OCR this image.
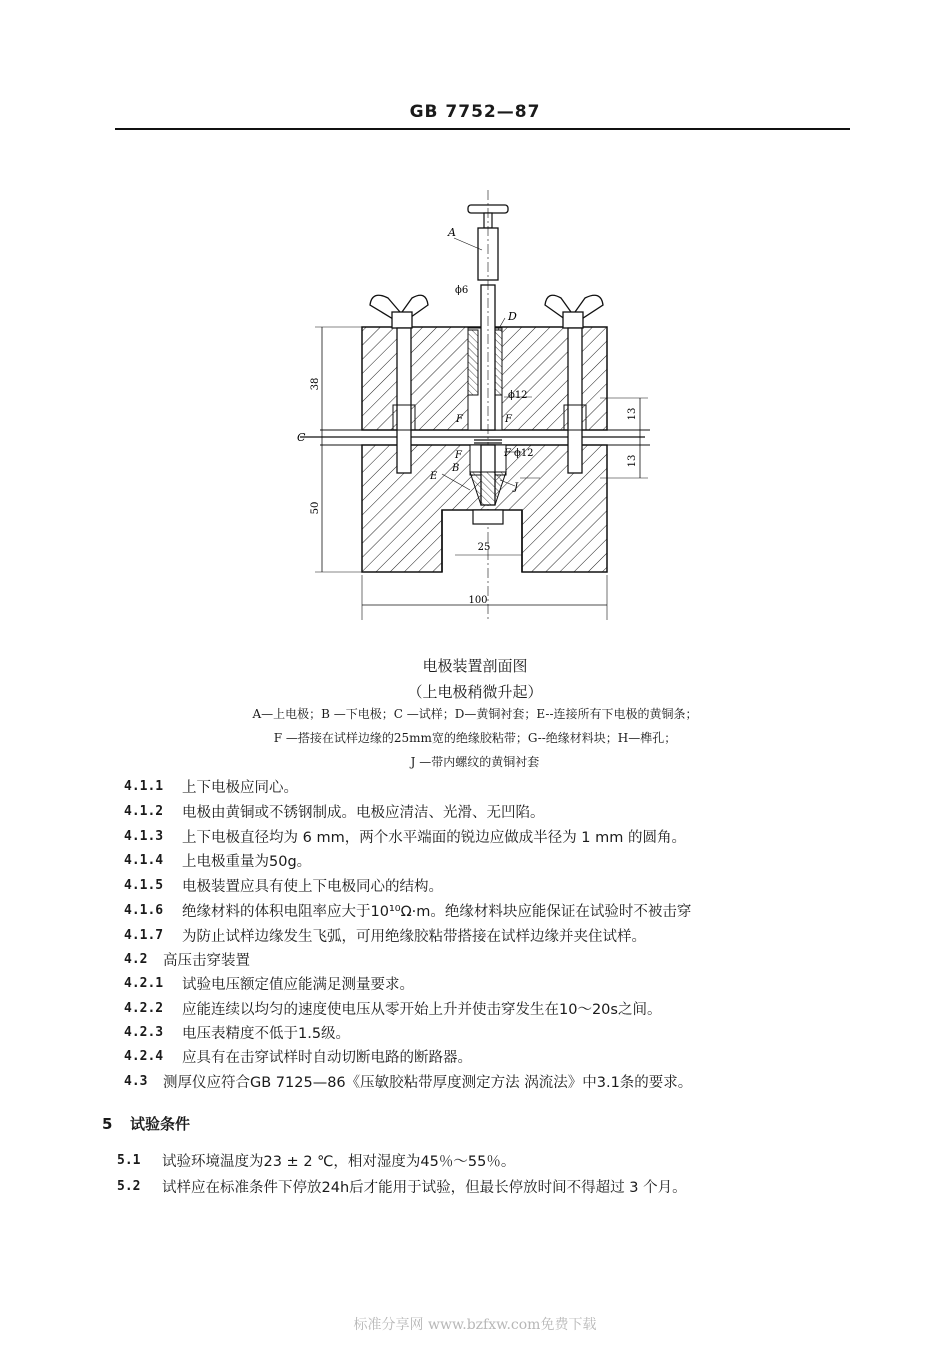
GB 7752—87
38
50
13
13
100
25
A
ϕ6
D
ϕ12
F	F
C
F	F ϕ12
B
E
J
电极装置剖面图
（上电极稍微升起）
A—上电极；B —下电极；C —试样；D—黄铜衬套；E--连接所有下电极的黄铜条；
F —搭接在试样边缘的25mm宽的绝缘胶粘带；G--绝缘材料块；H—榫孔；
J —带内螺纹的黄铜衬套
4.1.1 上下电极应同心。
4.1.2 电极由黄铜或不锈钢制成。电极应清洁、光滑、无凹陷。
4.1.3 上下电极直径均为 6 mm，两个水平端面的锐边应做成半径为 1 mm 的圆角。
4.1.4 上电极重量为50g。
4.1.5 电极装置应具有使上下电极同心的结构。
4.1.6 绝缘材料的体积电阻率应大于10¹⁰Ω·m。绝缘材料块应能保证在试验时不被击穿
4.1.7 为防止试样边缘发生飞弧，可用绝缘胶粘带搭接在试样边缘并夹住试样。
4.2 高压击穿装置
4.2.1 试验电压额定值应能满足测量要求。
4.2.2 应能连续以均匀的速度使电压从零开始上升并使击穿发生在10～20s之间。
4.2.3 电压表精度不低于1.5级。
4.2.4 应具有在击穿试样时自动切断电路的断路器。
4.3 测厚仪应符合GB 7125—86《压敏胶粘带厚度测定方法 涡流法》中3.1条的要求。
5 试验条件
5.1 试验环境温度为23 ± 2 ℃，相对湿度为45％～55％。
5.2 试样应在标准条件下停放24h后才能用于试验，但最长停放时间不得超过 3 个月。
标准分享网 www.bzfxw.com免费下载
